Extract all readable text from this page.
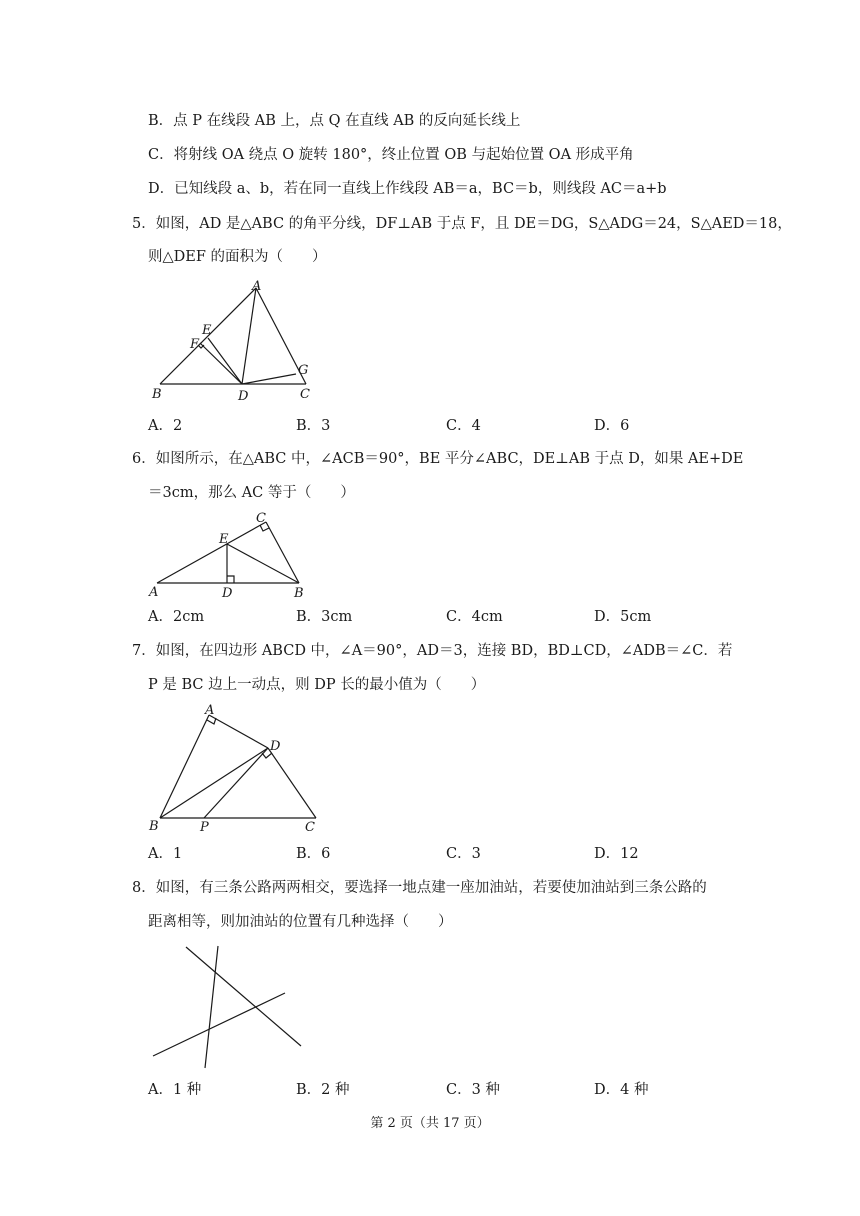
B．点 P 在线段 AB 上，点 Q 在直线 AB 的反向延长线上
C．将射线 OA 绕点 O 旋转 180°，终止位置 OB 与起始位置 OA 形成平角
D．已知线段 a、b，若在同一直线上作线段 AB＝a，BC＝b，则线段 AC＝a+b
5．如图，AD 是△ABC 的角平分线，DF⊥AB 于点 F，且 DE＝DG，S△ADG＝24，S△AED＝18，
则△DEF 的面积为（　　）
A
E
F
B	D
G
C
A．2	B．3	C．4	D．6
6．如图所示，在△ABC 中，∠ACB＝90°，BE 平分∠ABC，DE⊥AB 于点 D，如果 AE+DE
＝3cm，那么 AC 等于（　　）
C
E
A	D	B
A．2cm	B．3cm	C．4cm	D．5cm
7．如图，在四边形 ABCD 中，∠A＝90°，AD＝3，连接 BD，BD⊥CD，∠ADB＝∠C．若
P 是 BC 边上一动点，则 DP 长的最小值为（　　）
A
D
B	P	C
A．1	B．6	C．3	D．12
8．如图，有三条公路两两相交，要选择一地点建一座加油站，若要使加油站到三条公路的
距离相等，则加油站的位置有几种选择（　　）
A．1 种	B．2 种	C．3 种	D．4 种
第 2 页（共 17 页）
